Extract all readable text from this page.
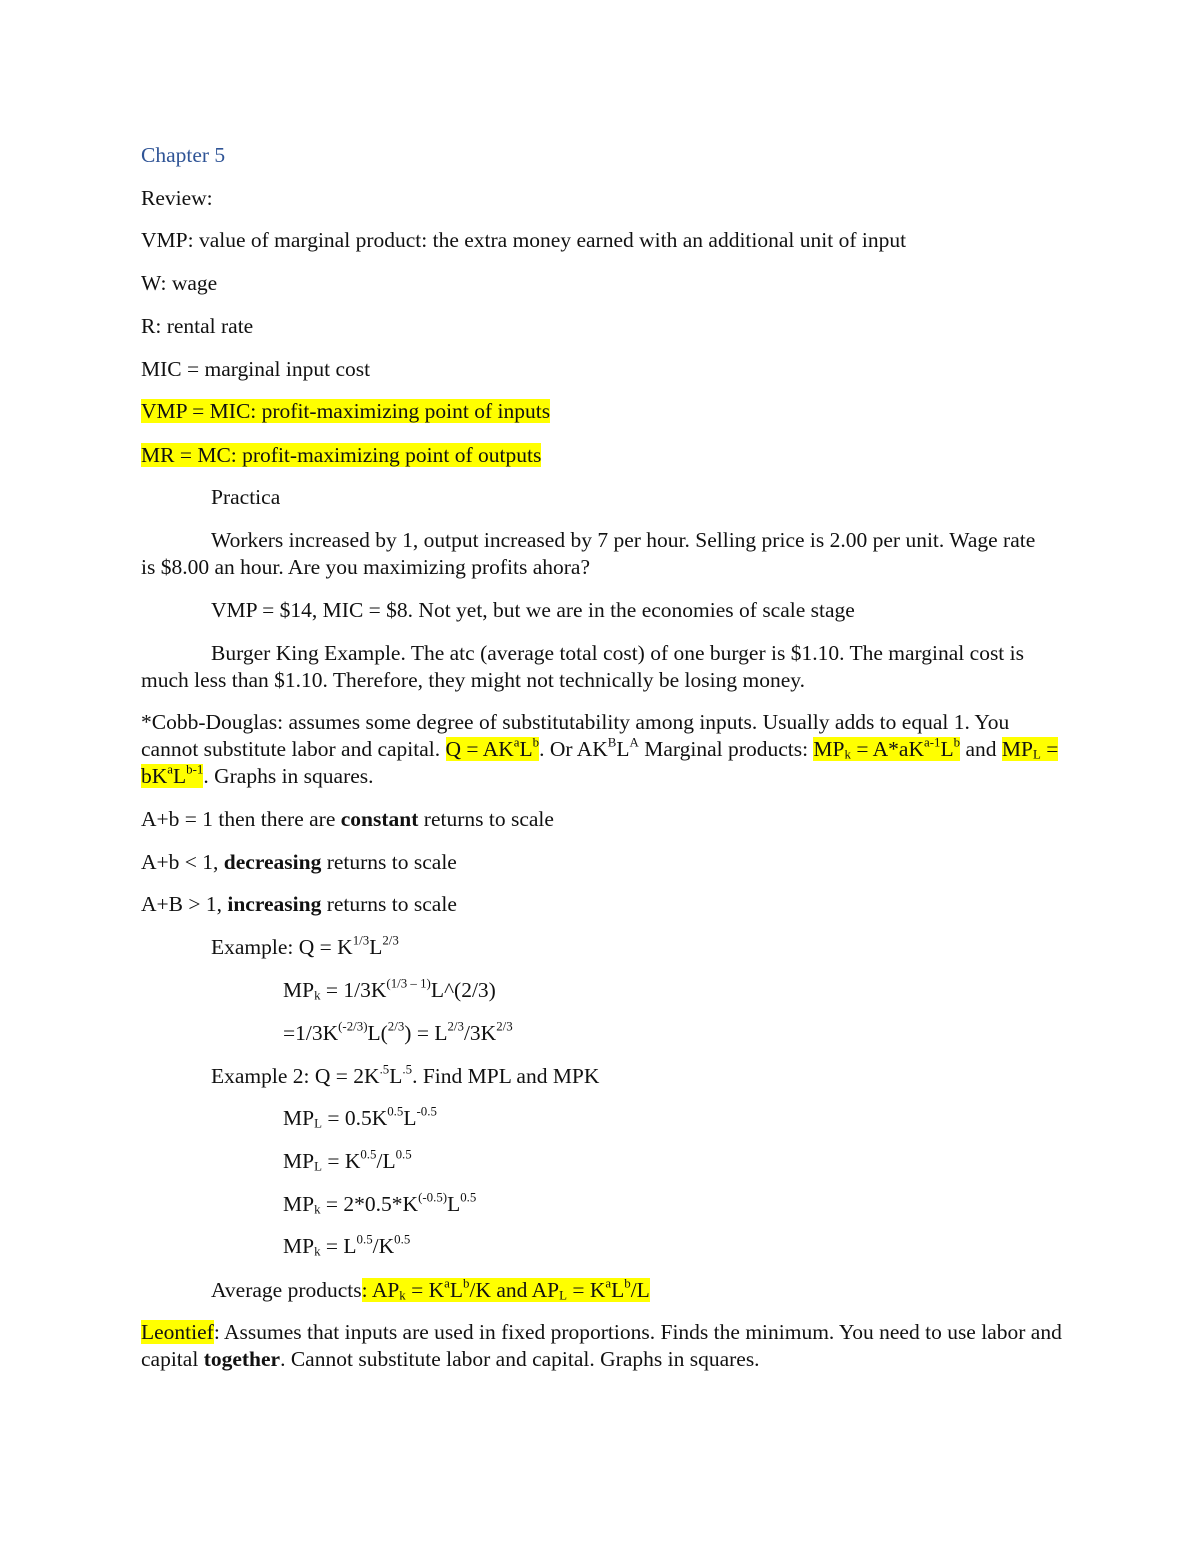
Chapter 5

Review:

VMP: value of marginal product: the extra money earned with an additional unit of input

W: wage

R: rental rate

MIC = marginal input cost

VMP = MIC: profit-maximizing point of inputs

MR = MC: profit-maximizing point of outputs

Practica

Workers increased by 1, output increased by 7 per hour. Selling price is 2.00 per unit. Wage rate is $8.00 an hour. Are you maximizing profits ahora?

VMP = $14, MIC = $8. Not yet, but we are in the economies of scale stage

Burger King Example. The atc (average total cost) of one burger is $1.10. The marginal cost is much less than $1.10. Therefore, they might not technically be losing money.

*Cobb-Douglas: assumes some degree of substitutability among inputs. Usually adds to equal 1. You cannot substitute labor and capital. $Q = AK^aL^b$. Or $AK^BL^A$ Marginal products: $MP_k = A*aK^{a-1}L^b$ and $MP_L = bK^aL^{b-1}$. Graphs in squares.

A+b = 1 then there are constant returns to scale

A+b < 1, decreasing returns to scale

A+B > 1, increasing returns to scale

Example: $Q = K^{1/3}L^{2/3}$

$MP_k$ = $1/3K^{(1/3 - 1)}L\^{}(2/3)$

$=1/3K^{(-2/3)}L(^{2/3}) = L^{2/3}/3K^{2/3}$

Example 2: $Q = 2K^{.5}L^{.5}$. Find MPL and MPK

$MP_L = 0.5K^{0.5}L^{-0.5}$

$MP_L = K^{0.5}/L^{0.5}$

$MP_k = 2*0.5*K^{(-0.5)}L^{0.5}$

$MP_k = L^{0.5}/K^{0.5}$

Average products: $AP_k = K^aL^b/K$ and $AP_L = K^aL^b/L$

Leontief: Assumes that inputs are used in fixed proportions. Finds the minimum. You need to use labor and capital together. Cannot substitute labor and capital. Graphs in squares.
